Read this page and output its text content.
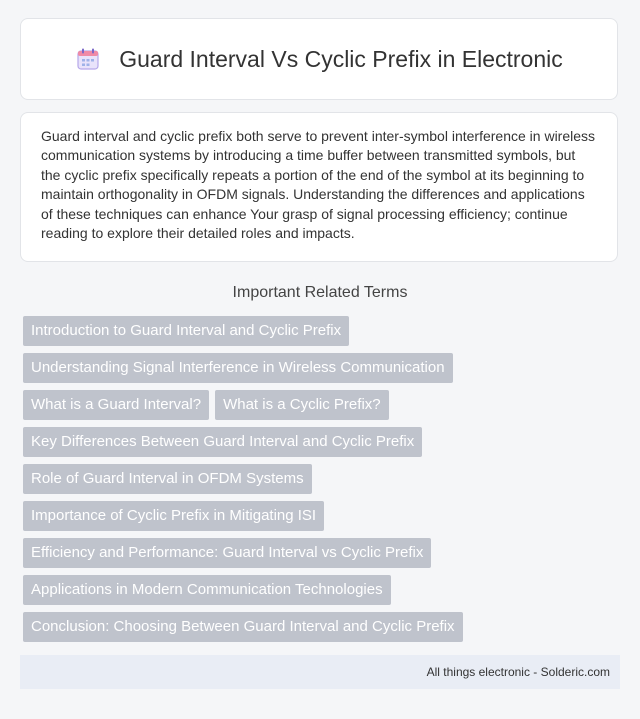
Guard Interval Vs Cyclic Prefix in Electronic

Guard interval and cyclic prefix both serve to prevent inter-symbol interference in wireless communication systems by introducing a time buffer between transmitted symbols, but the cyclic prefix specifically repeats a portion of the end of the symbol at its beginning to maintain orthogonality in OFDM signals. Understanding the differences and applications of these techniques can enhance Your grasp of signal processing efficiency; continue reading to explore their detailed roles and impacts.

Important Related Terms
Introduction to Guard Interval and Cyclic Prefix
Understanding Signal Interference in Wireless Communication
What is a Guard Interval?	What is a Cyclic Prefix?
Key Differences Between Guard Interval and Cyclic Prefix
Role of Guard Interval in OFDM Systems
Importance of Cyclic Prefix in Mitigating ISI
Efficiency and Performance: Guard Interval vs Cyclic Prefix
Applications in Modern Communication Technologies
Conclusion: Choosing Between Guard Interval and Cyclic Prefix
All things electronic - Solderic.com
